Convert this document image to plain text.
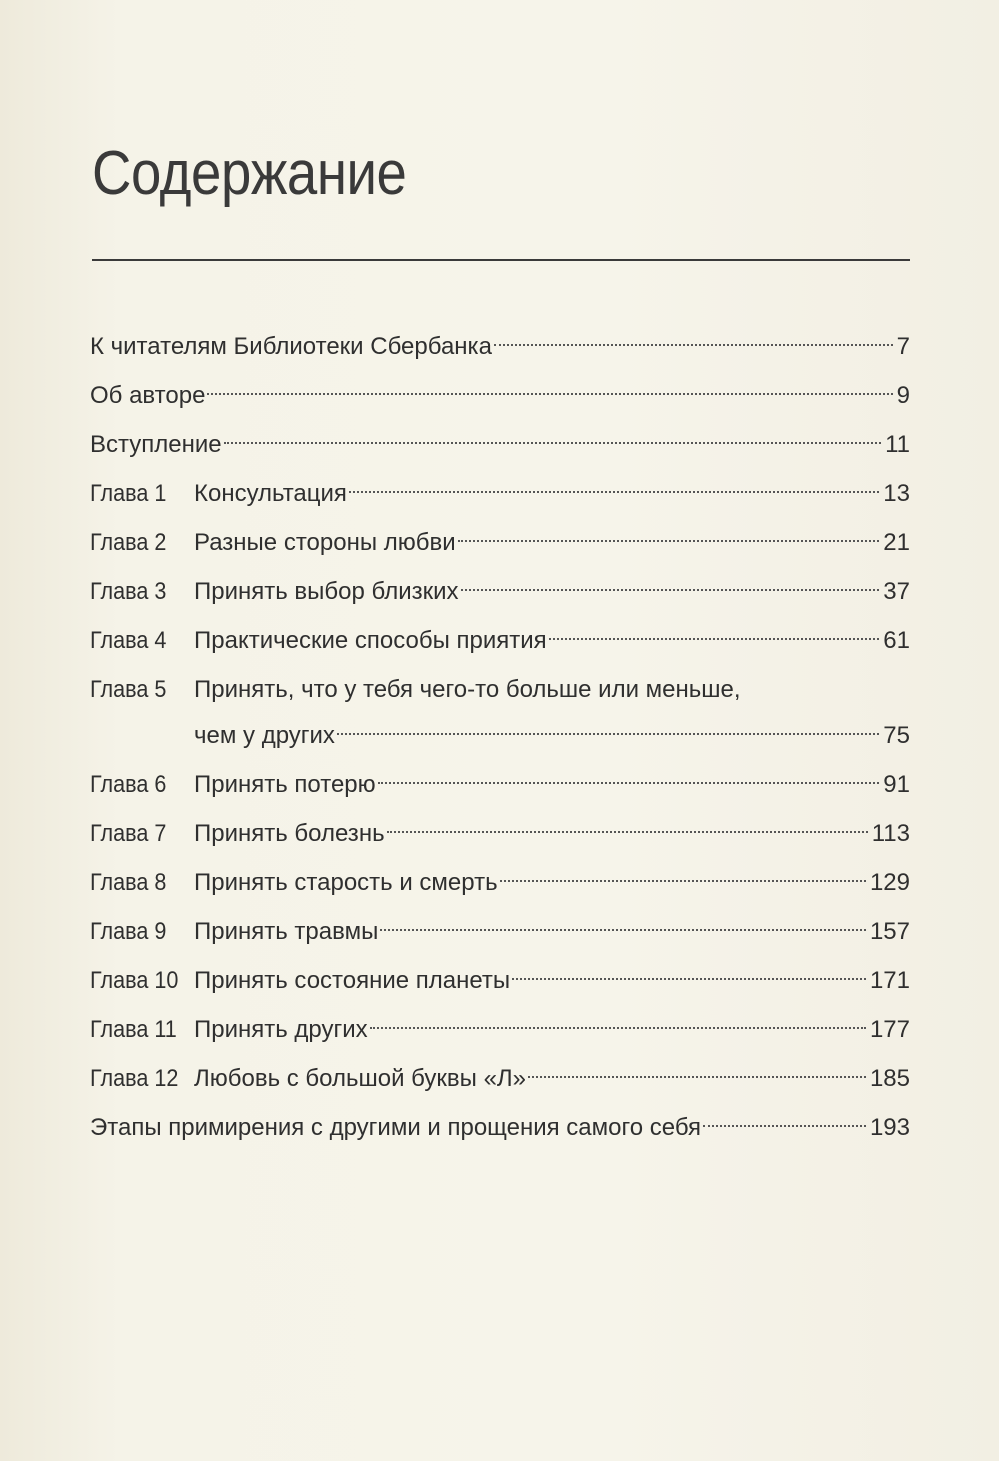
Содержание
К читателям Библиотеки Сбербанка	7
Об авторе	9
Вступление	11
Глава 1	Консультация	13
Глава 2	Разные стороны любви	21
Глава 3	Принять выбор близких	37
Глава 4	Практические способы приятия	61
Глава 5	Принять, что у тебя чего-то больше или меньше,
чем у других	75
Глава 6	Принять потерю	91
Глава 7	Принять болезнь	113
Глава 8	Принять старость и смерть	129
Глава 9	Принять травмы	157
Глава 10 Принять состояние планеты	171
Глава 11 Принять других	177
Глава 12 Любовь с большой буквы «Л»	185
Этапы примирения с другими и прощения самого себя	193
